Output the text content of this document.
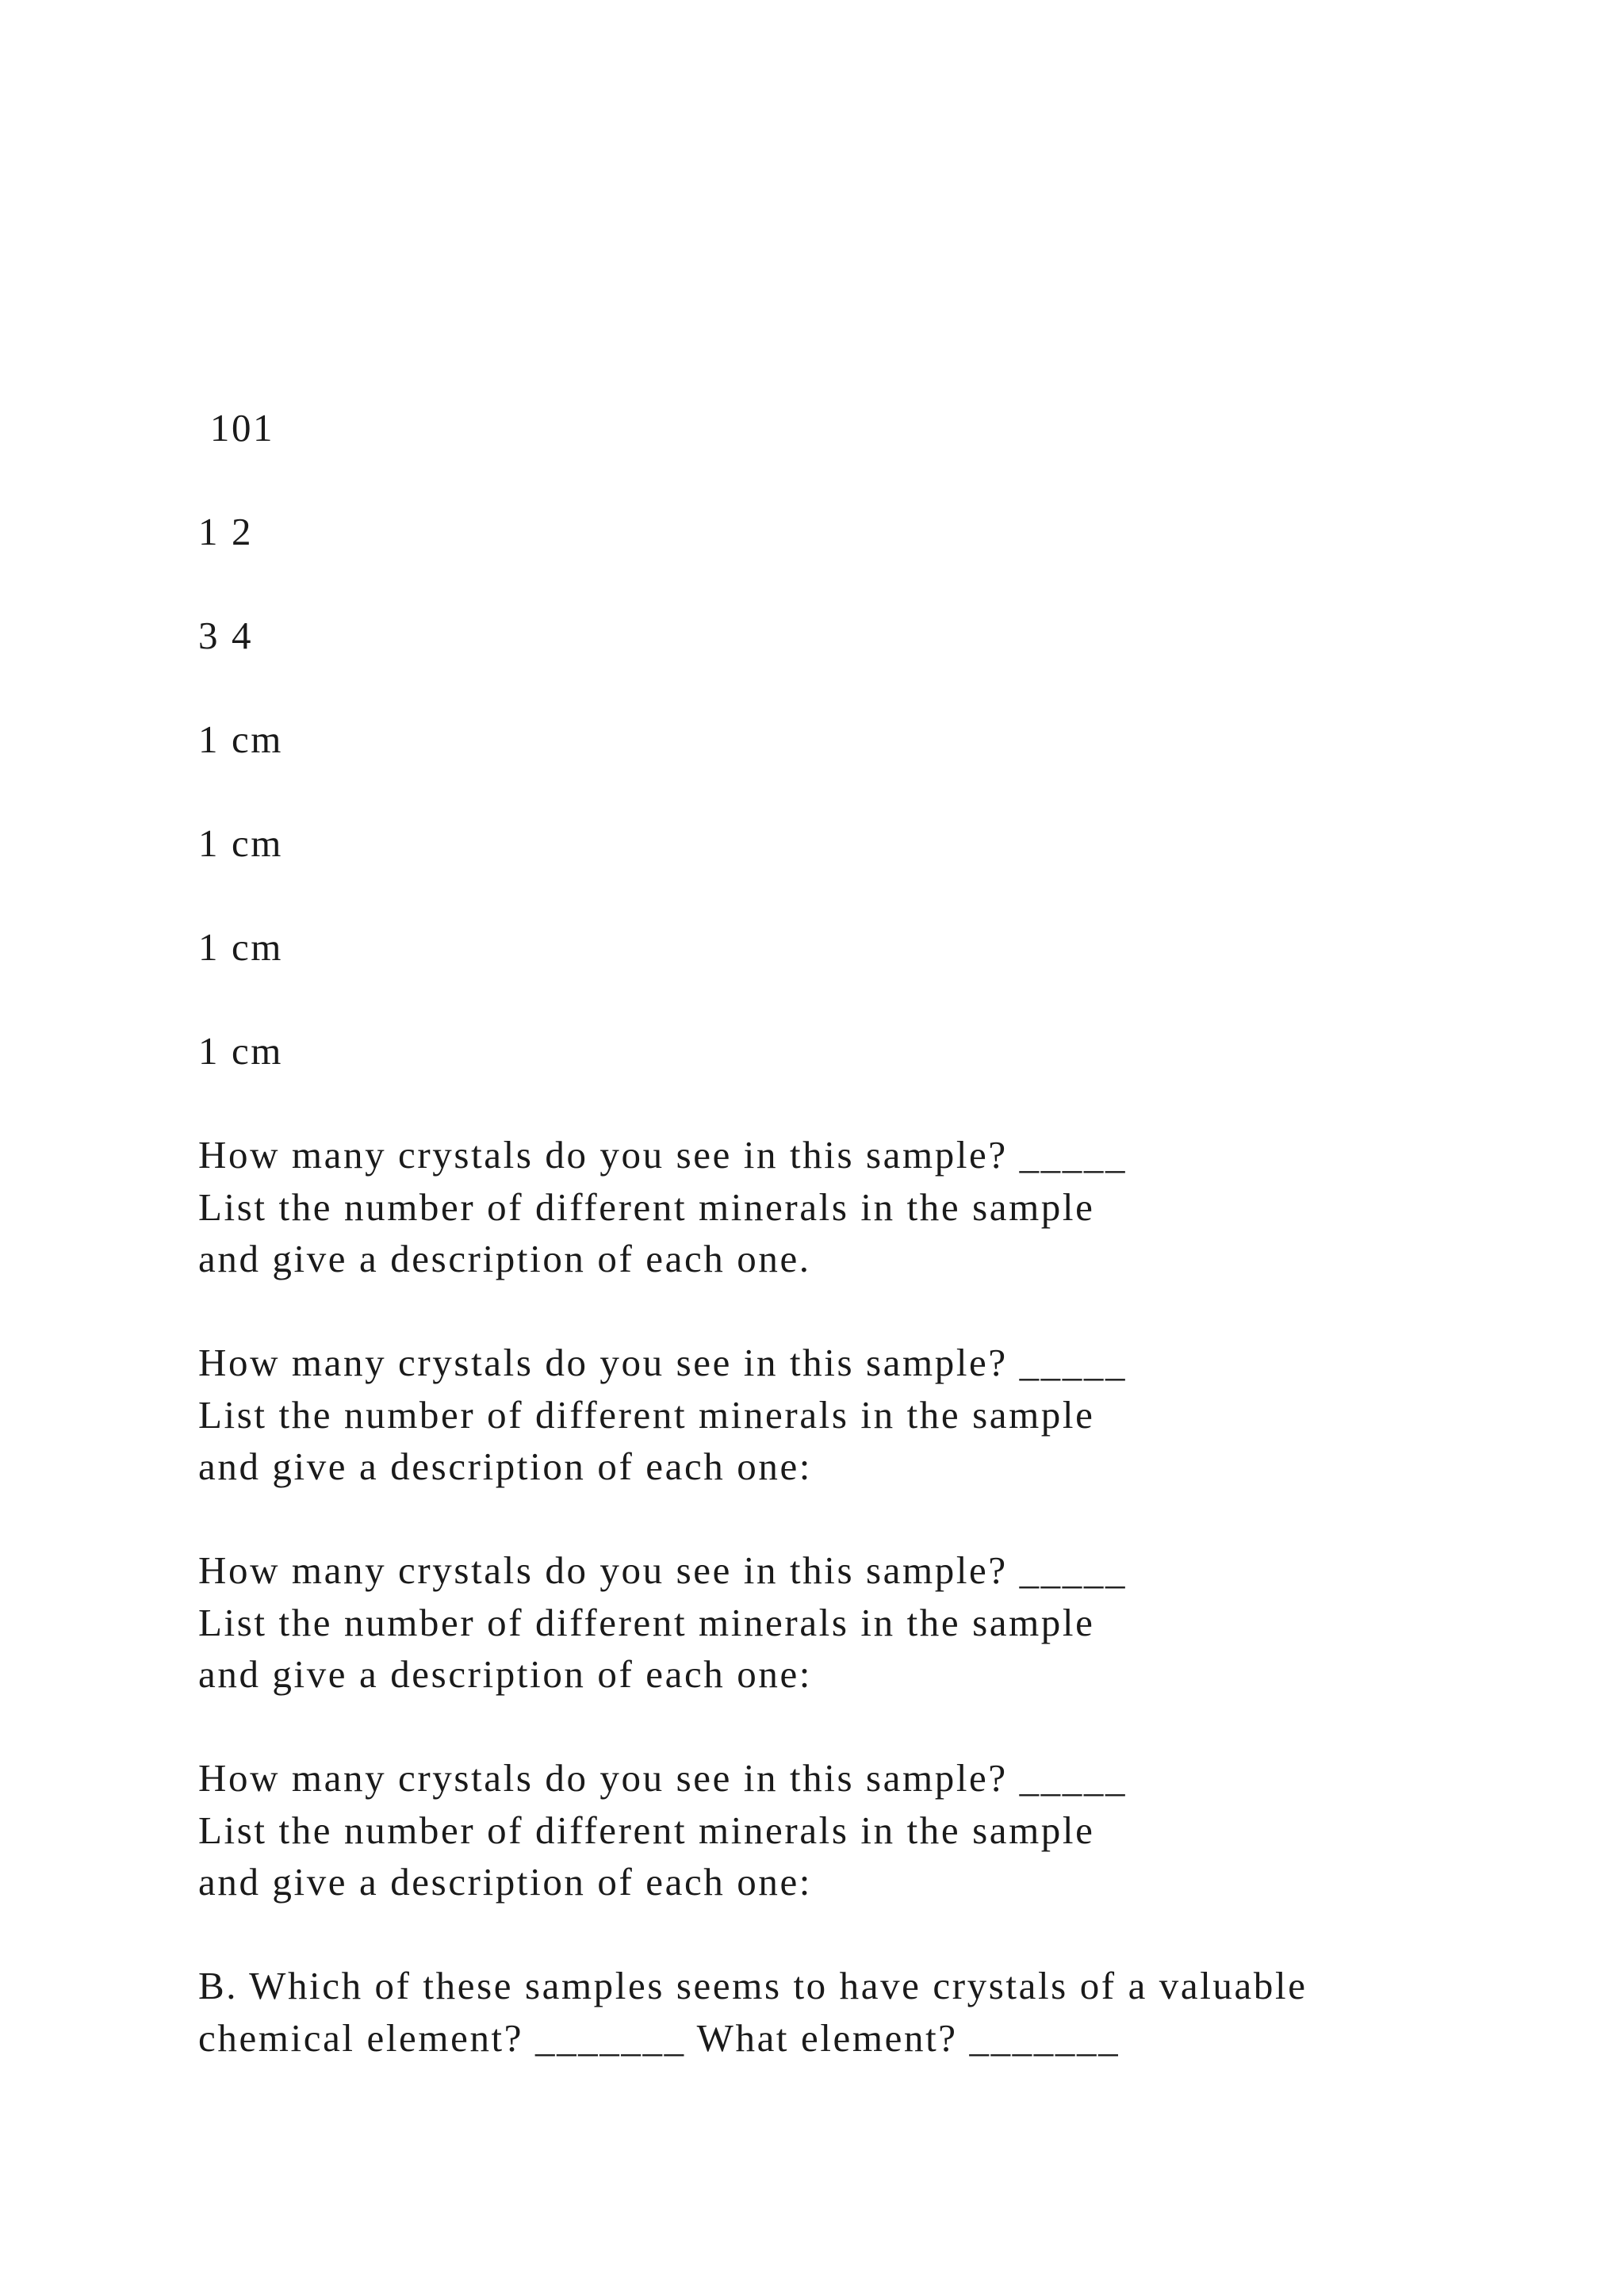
101
1 2
3 4
1 cm
1 cm
1 cm
1 cm
How many crystals do you see in this sample? _____
List the number of different minerals in the sample
and give a description of each one.
How many crystals do you see in this sample? _____
List the number of different minerals in the sample
and give a description of each one:
How many crystals do you see in this sample? _____
List the number of different minerals in the sample
and give a description of each one:
How many crystals do you see in this sample? _____
List the number of different minerals in the sample
and give a description of each one:
B. Which of these samples seems to have crystals of a valuable
chemical element? _______ What element? _______
